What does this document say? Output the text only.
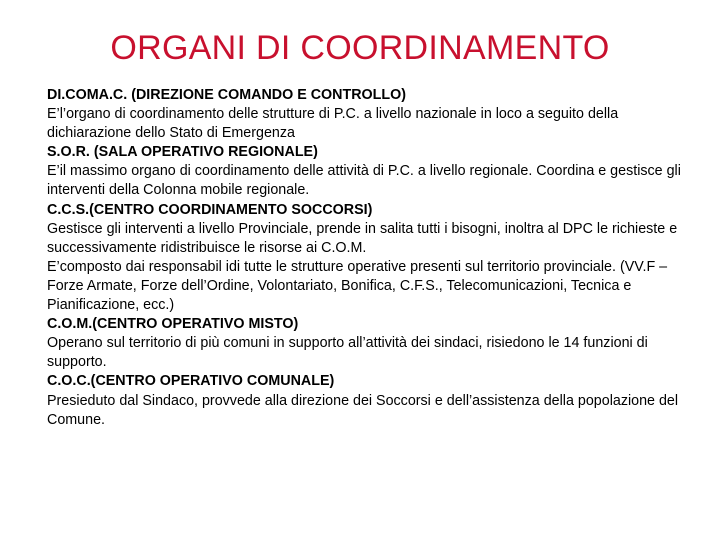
ORGANI DI COORDINAMENTO

DI.COMA.C. (DIREZIONE COMANDO E CONTROLLO)

E’l’organo di coordinamento delle strutture di P.C. a livello nazionale in loco a seguito della dichiarazione dello Stato di Emergenza

S.O.R. (SALA OPERATIVO REGIONALE)

E’il massimo organo di coordinamento delle attività di P.C. a livello regionale. Coordina e gestisce gli interventi della Colonna mobile regionale.

C.C.S.(CENTRO COORDINAMENTO SOCCORSI)

Gestisce gli interventi a livello Provinciale, prende in salita tutti i bisogni, inoltra al DPC le richieste e successivamente ridistribuisce le risorse ai C.O.M.

E’composto dai responsabil idi tutte le strutture operative presenti sul territorio provinciale. (VV.F –Forze Armate, Forze dell’Ordine, Volontariato, Bonifica, C.F.S., Telecomunicazioni, Tecnica e Pianificazione, ecc.)

C.O.M.(CENTRO OPERATIVO MISTO)

Operano sul territorio di più comuni in supporto all’attività dei sindaci, risiedono le 14 funzioni di supporto.

C.O.C.(CENTRO OPERATIVO COMUNALE)

Presieduto dal Sindaco, provvede alla direzione dei Soccorsi e dell’assistenza della popolazione del Comune.
